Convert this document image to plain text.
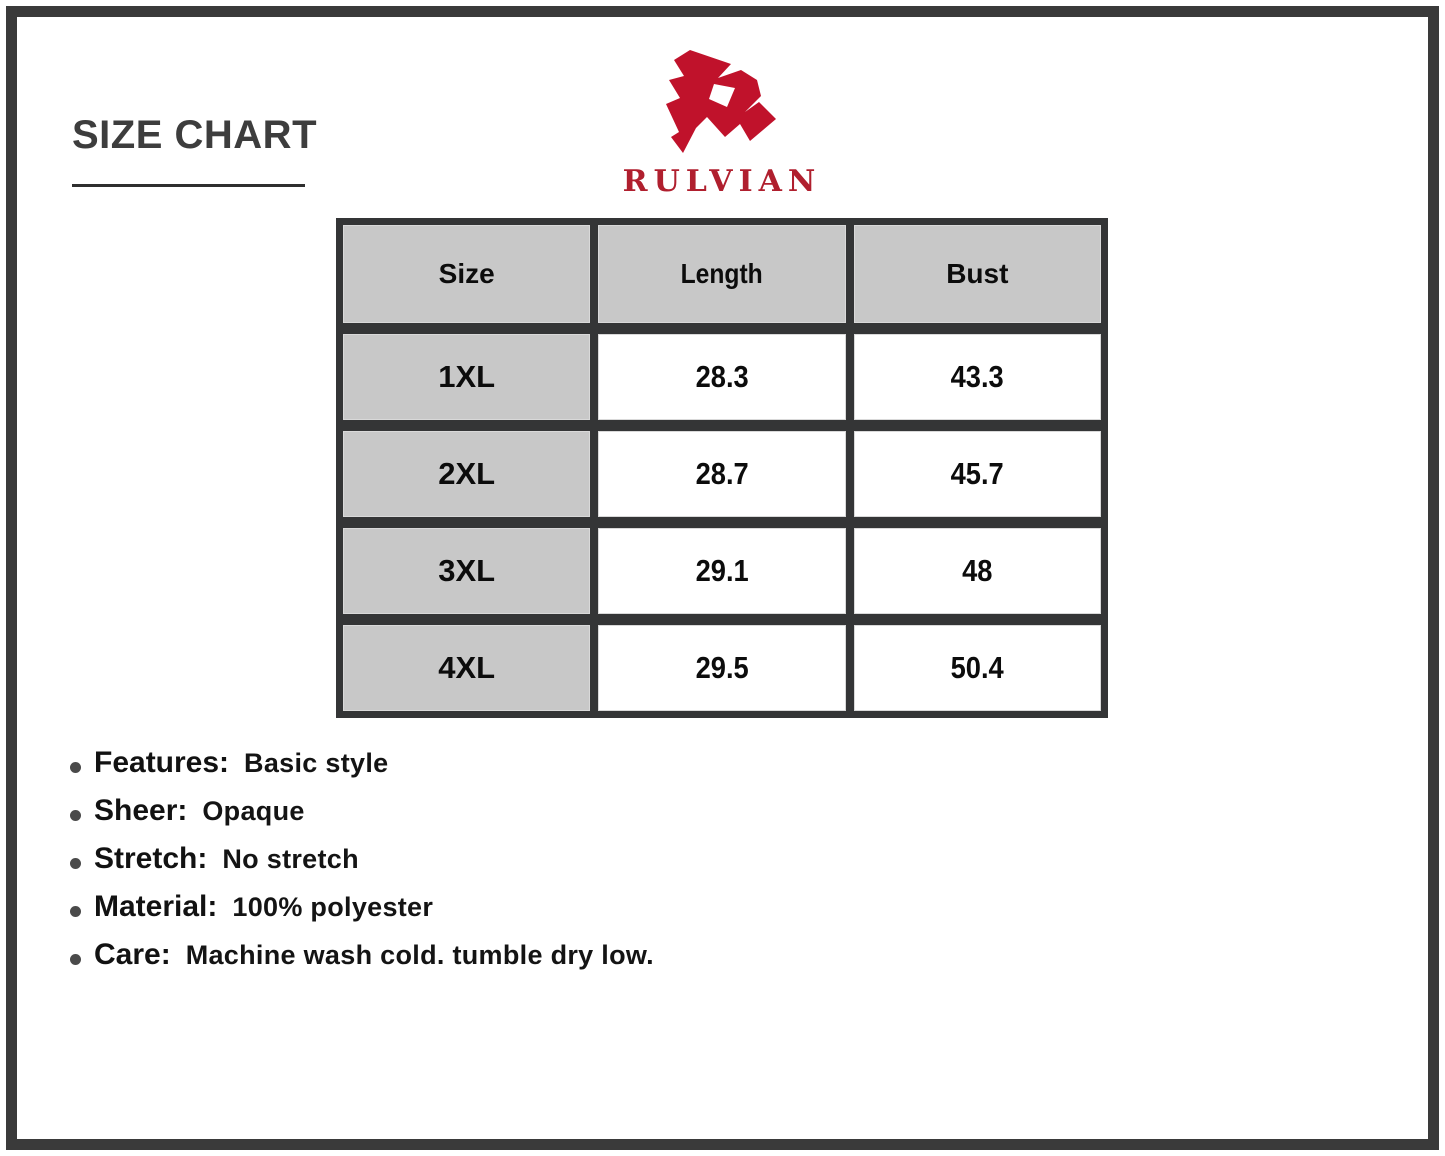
SIZE CHART
RULVIAN
Size	Length	Bust
1XL	28.3	43.3
2XL	28.7	45.7
3XL	29.1	48
4XL	29.5	50.4
Features: Basic style
Sheer: Opaque
Stretch: No stretch
Material: 100% polyester
Care: Machine wash cold. tumble dry low.
